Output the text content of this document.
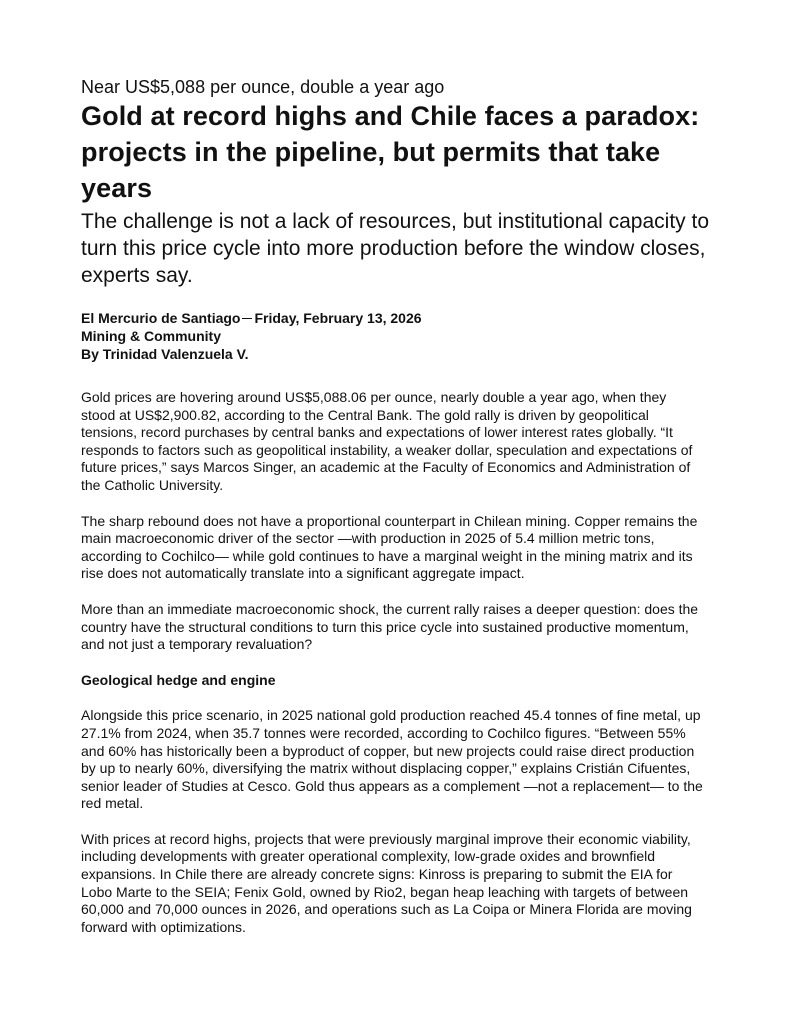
Near US$5,088 per ounce, double a year ago

Gold at record highs and Chile faces a paradox: projects in the pipeline, but permits that take years

The challenge is not a lack of resources, but institutional capacity to turn this price cycle into more production before the window closes, experts say.

El Mercurio de Santiago Friday, February 13, 2026
Mining & Community
By Trinidad Valenzuela V.

Gold prices are hovering around US$5,088.06 per ounce, nearly double a year ago, when they stood at US$2,900.82, according to the Central Bank. The gold rally is driven by geopolitical tensions, record purchases by central banks and expectations of lower interest rates globally. “It responds to factors such as geopolitical instability, a weaker dollar, speculation and expectations of future prices,” says Marcos Singer, an academic at the Faculty of Economics and Administration of the Catholic University.

The sharp rebound does not have a proportional counterpart in Chilean mining. Copper remains the main macroeconomic driver of the sector —with production in 2025 of 5.4 million metric tons, according to Cochilco— while gold continues to have a marginal weight in the mining matrix and its rise does not automatically translate into a significant aggregate impact.

More than an immediate macroeconomic shock, the current rally raises a deeper question: does the country have the structural conditions to turn this price cycle into sustained productive momentum, and not just a temporary revaluation?

Geological hedge and engine

Alongside this price scenario, in 2025 national gold production reached 45.4 tonnes of fine metal, up 27.1% from 2024, when 35.7 tonnes were recorded, according to Cochilco figures. “Between 55% and 60% has historically been a byproduct of copper, but new projects could raise direct production by up to nearly 60%, diversifying the matrix without displacing copper,” explains Cristián Cifuentes, senior leader of Studies at Cesco. Gold thus appears as a complement —not a replacement— to the red metal.

With prices at record highs, projects that were previously marginal improve their economic viability, including developments with greater operational complexity, low-grade oxides and brownfield expansions. In Chile there are already concrete signs: Kinross is preparing to submit the EIA for Lobo Marte to the SEIA; Fenix Gold, owned by Rio2, began heap leaching with targets of between 60,000 and 70,000 ounces in 2026, and operations such as La Coipa or Minera Florida are moving forward with optimizations.
